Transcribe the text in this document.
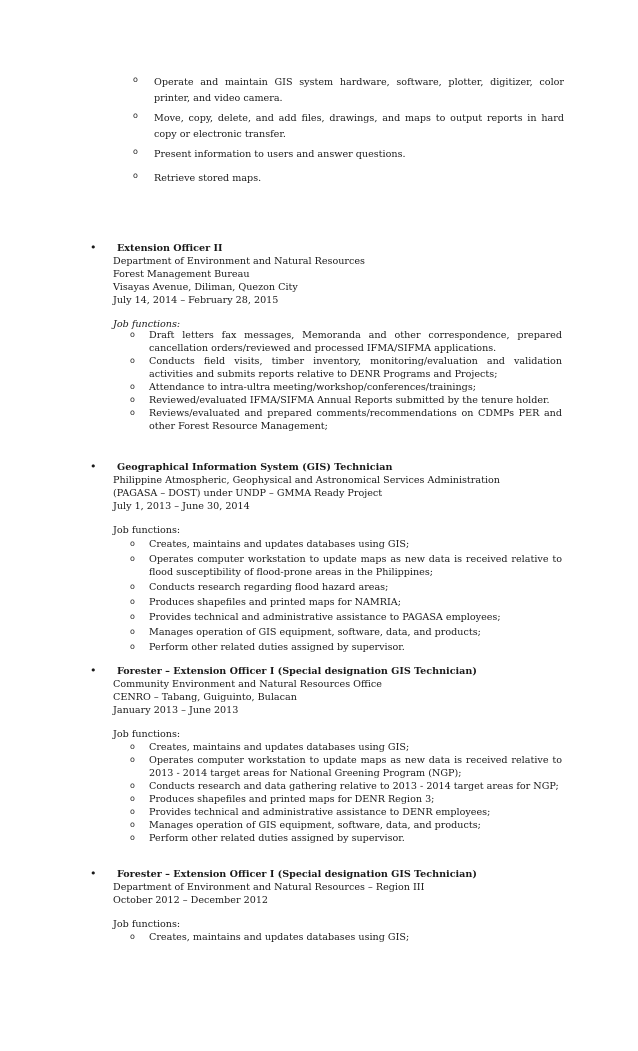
o Operate and maintain GIS system hardware, software, plotter, digitizer, color printer, and video camera.
o Move, copy, delete, and add files, drawings, and maps to output reports in hard copy or electronic transfer.
o Present information to users and answer questions.
o Retrieve stored maps.
• Extension Officer II
Department of Environment and Natural Resources
Forest Management Bureau
Visayas Avenue, Diliman, Quezon City
July 14, 2014 – February 28, 2015
Job functions:
o Draft letters fax messages, Memoranda and other correspondence, prepared cancellation orders/reviewed and processed IFMA/SIFMA applications.
o Conducts field visits, timber inventory, monitoring/evaluation and validation activities and submits reports relative to DENR Programs and Projects;
o Attendance to intra-ultra meeting/workshop/conferences/trainings;
o Reviewed/evaluated IFMA/SIFMA Annual Reports submitted by the tenure holder.
o Reviews/evaluated and prepared comments/recommendations on CDMPs PER and other Forest Resource Management;
• Geographical Information System (GIS) Technician
Philippine Atmospheric, Geophysical and Astronomical Services Administration
(PAGASA – DOST) under UNDP – GMMA Ready Project
July 1, 2013 – June 30, 2014
Job functions:
o Creates, maintains and updates databases using GIS;
o Operates computer workstation to update maps as new data is received relative to flood susceptibility of flood-prone areas in the Philippines;
o Conducts research regarding flood hazard areas;
o Produces shapefiles and printed maps for NAMRIA;
o Provides technical and administrative assistance to PAGASA employees;
o Manages operation of GIS equipment, software, data, and products;
o Perform other related duties assigned by supervisor.
• Forester – Extension Officer I (Special designation GIS Technician)
Community Environment and Natural Resources Office
CENRO – Tabang, Guiguinto, Bulacan
January 2013 – June 2013
Job functions:
o Creates, maintains and updates databases using GIS;
o Operates computer workstation to update maps as new data is received relative to 2013 - 2014 target areas for National Greening Program (NGP);
o Conducts research and data gathering relative to 2013 - 2014 target areas for NGP;
o Produces shapefiles and printed maps for DENR Region 3;
o Provides technical and administrative assistance to DENR employees;
o Manages operation of GIS equipment, software, data, and products;
o Perform other related duties assigned by supervisor.
• Forester – Extension Officer I (Special designation GIS Technician)
Department of Environment and Natural Resources – Region III
October 2012 – December 2012
Job functions:
o Creates, maintains and updates databases using GIS;
